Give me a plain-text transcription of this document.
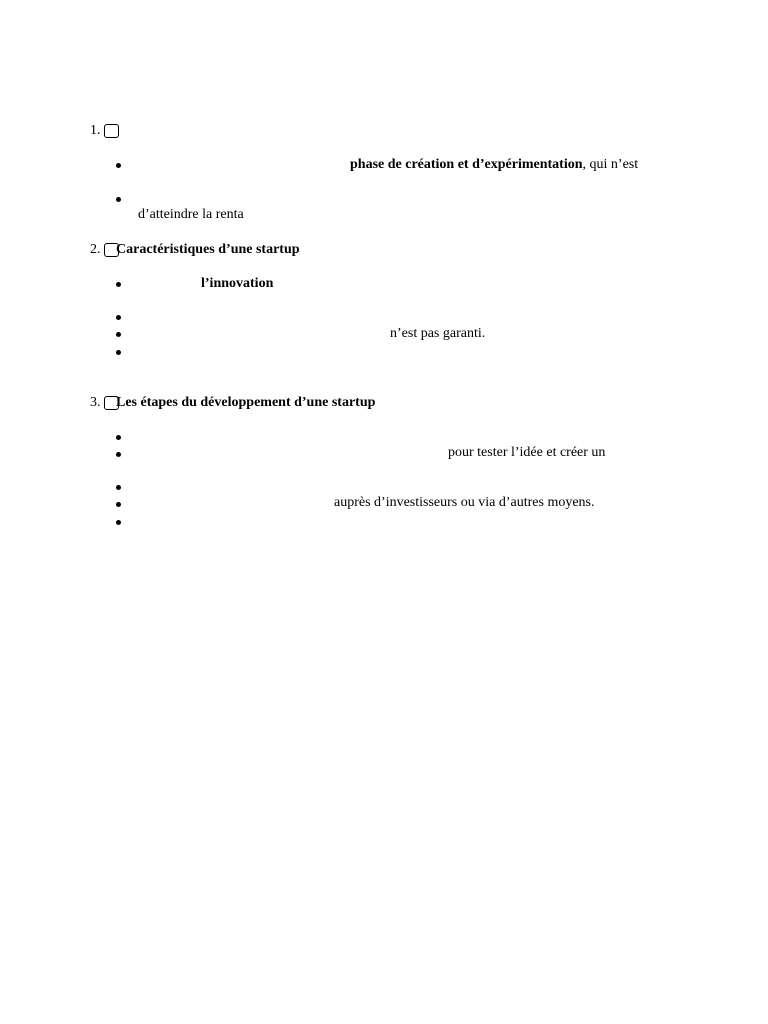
1.
phase de création et d’expérimentation, qui n’est
d’atteindre la renta
2. Caractéristiques d’une startup
l’innovation
n’est pas garanti.
3. Les étapes du développement d’une startup
pour tester l’idée et créer un
auprès d’investisseurs ou via d’autres moyens.
